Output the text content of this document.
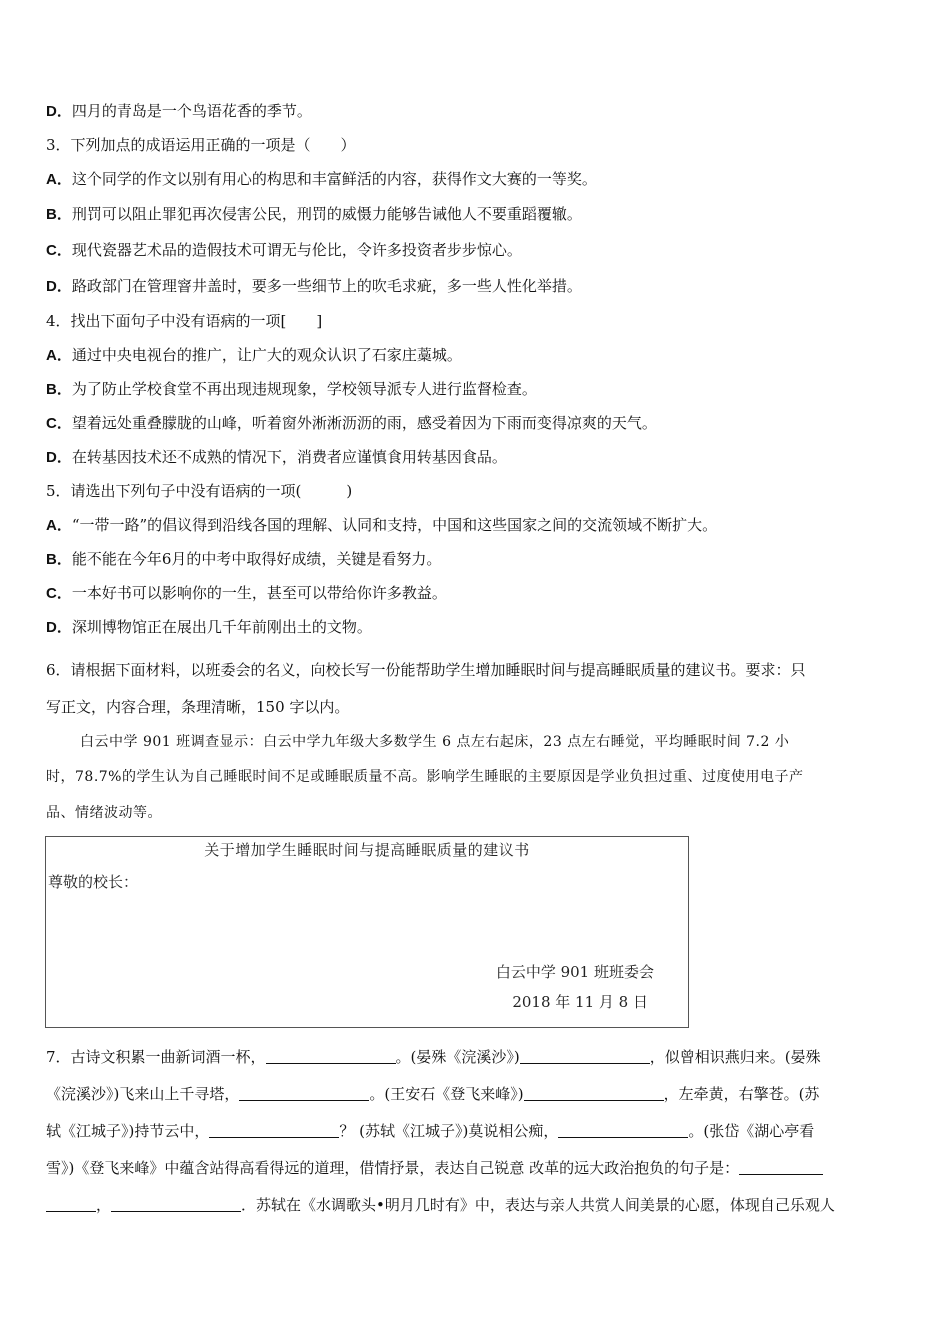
D．四月的青岛是一个鸟语花香的季节。
3．下列加点的成语运用正确的一项是（　　）
A．这个同学的作文以别有用心的构思和丰富鲜活的内容，获得作文大赛的一等奖。
B．刑罚可以阻止罪犯再次侵害公民，刑罚的威慑力能够告诫他人不要重蹈覆辙。
C．现代瓷器艺术品的造假技术可谓无与伦比，令许多投资者步步惊心。
D．路政部门在管理窨井盖时，要多一些细节上的吹毛求疵，多一些人性化举措。
4．找出下面句子中没有语病的一项[　　]
A．通过中央电视台的推广，让广大的观众认识了石家庄藁城。
B．为了防止学校食堂不再出现违规现象，学校领导派专人进行监督检查。
C．望着远处重叠朦胧的山峰，听着窗外淅淅沥沥的雨，感受着因为下雨而变得凉爽的天气。
D．在转基因技术还不成熟的情况下，消费者应谨慎食用转基因食品。
5．请选出下列句子中没有语病的一项(　　　)
A．“一带一路”的倡议得到沿线各国的理解、认同和支持，中国和这些国家之间的交流领域不断扩大。
B．能不能在今年6月的中考中取得好成绩，关键是看努力。
C．一本好书可以影响你的一生，甚至可以带给你许多教益。
D．深圳博物馆正在展出几千年前刚出土的文物。
6．请根据下面材料，以班委会的名义，向校长写一份能帮助学生增加睡眠时间与提高睡眠质量的建议书。要求：只
写正文，内容合理，条理清晰，150 字以内。
白云中学 901 班调查显示：白云中学九年级大多数学生 6 点左右起床，23 点左右睡觉，平均睡眠时间 7.2 小
时，78.7%的学生认为自己睡眠时间不足或睡眠质量不高。影响学生睡眠的主要原因是学业负担过重、过度使用电子产
品、情绪波动等。
关于增加学生睡眠时间与提高睡眠质量的建议书
尊敬的校长：
白云中学 901 班班委会
2018 年 11 月 8 日
7．古诗文积累一曲新词酒一杯，	。(晏殊《浣溪沙》)	，似曾相识燕归来。(晏殊
《浣溪沙》)飞来山上千寻塔，	。(王安石《登飞来峰》)	，左牵黄，右擎苍。(苏
轼《江城子》)持节云中，	？ (苏轼《江城子》)莫说相公痴，	。(张岱《湖心亭看
雪》)《登飞来峰》中蕴含站得高看得远的道理，借情抒景，表达自己锐意 改革的远大政治抱负的句子是：
，	．苏轼在《水调歌头•明月几时有》中，表达与亲人共赏人间美景的心愿，体现自己乐观人
